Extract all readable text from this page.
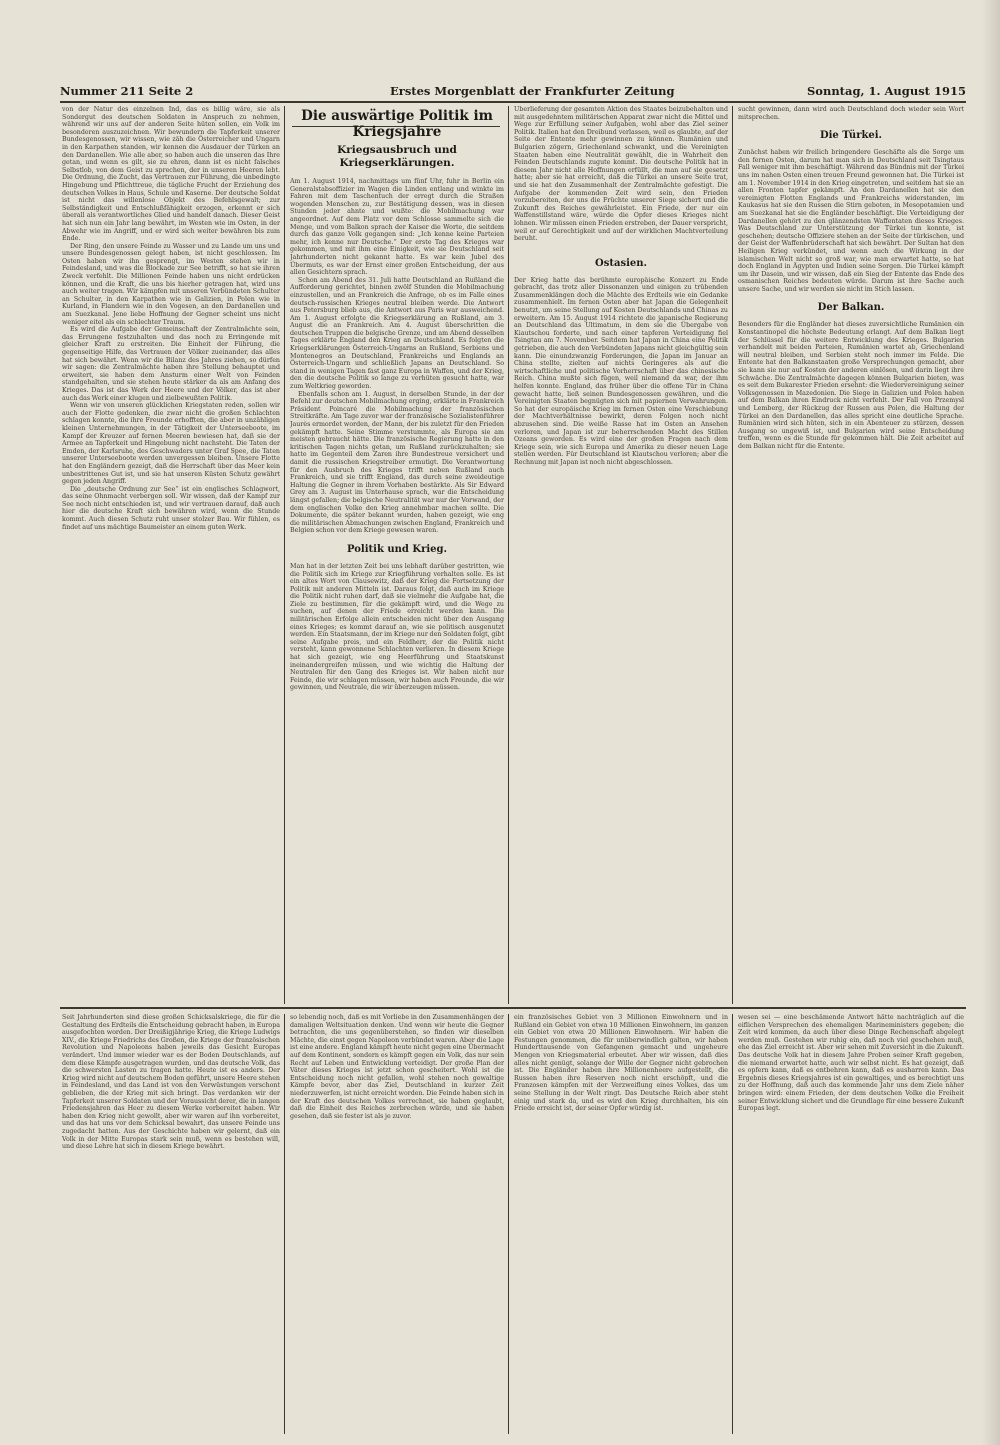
Nummer 211 Seite 2	Erstes Morgenblatt der Frankfurter Zeitung	Sonntag, 1. August 1915

von der Natur des einzelnen Ind, das es billig wäre, sie als Sondergut des deutschen Soldaten in Anspruch zu nehmen, während wir uns auf der anderen Seite hüten sollen, ein Volk im besonderen auszuzeichnen. Wir bewundern die Tapferkeit unserer Bundesgenossen, wir wissen, wie zäh die Österreicher und Ungarn in den Karpathen standen, wir kennen die Ausdauer der Türken an den Dardanellen. Wie alle aber, so haben auch die unseren das Ihre getan, und wenn es gilt, sie zu ehren, dann ist es nicht falsches Selbstlob, von dem Geist zu sprechen, der in unseren Heeren lebt. Die Ordnung, die Zucht, das Vertrauen zur Führung, die unbedingte Hingebung und Pflichttreue, die tägliche Frucht der Erziehung des deutschen Volkes in Haus, Schule und Kaserne. Der deutsche Soldat ist nicht das willenlose Objekt des Befehlsgewalt; zur Selbständigkeit und Entschlußfähigkeit erzogen, erkennt er sich überall als verantwortliches Glied und handelt danach. Dieser Geist hat sich nun ein Jahr lang bewährt, im Westen wie im Osten, in der Abwehr wie im Angriff, und er wird sich weiter bewähren bis zum Ende.

Der Ring, den unsere Feinde zu Wasser und zu Lande um uns und unsere Bundesgenossen gelegt haben, ist nicht geschlossen. Im Osten haben wir ihn gesprengt, im Westen stehen wir in Feindesland, und was die Blockade zur See betrifft, so hat sie ihren Zweck verfehlt. Die Millionen Feinde haben uns nicht erdrücken können, und die Kraft, die uns bis hierher getragen hat, wird uns auch weiter tragen. Wir kämpfen mit unseren Verbündeten Schulter an Schulter, in den Karpathen wie in Galizien, in Polen wie in Kurland, in Flandern wie in den Vogesen, an den Dardanellen und am Suezkanal. Jene liebe Hoffnung der Gegner scheint uns nicht weniger eitel als ein schlechter Traum.

Es wird die Aufgabe der Gemeinschaft der Zentralmächte sein, das Errungene festzuhalten und das noch zu Erringende mit gleicher Kraft zu erstreiten. Die Einheit der Führung, die gegenseitige Hilfe, das Vertrauen der Völker zueinander, das alles hat sich bewährt. Wenn wir die Bilanz des Jahres ziehen, so dürfen wir sagen: die Zentralmächte haben ihre Stellung behauptet und erweitert, sie haben dem Ansturm einer Welt von Feinden standgehalten, und sie stehen heute stärker da als am Anfang des Krieges. Das ist das Werk der Heere und der Völker, das ist aber auch das Werk einer klugen und zielbewußten Politik.

Wenn wir von unseren glücklichen Kriegstaten reden, sollen wir auch der Flotte gedenken, die zwar nicht die großen Schlachten schlagen konnte, die ihre Freunde erhofften, die aber in unzähligen kleinen Unternehmungen, in der Tätigkeit der Unterseeboote, im Kampf der Kreuzer auf fernen Meeren bewiesen hat, daß sie der Armee an Tapferkeit und Hingebung nicht nachsteht. Die Taten der Emden, der Karlsruhe, des Geschwaders unter Graf Spee, die Taten unserer Unterseeboote werden unvergessen bleiben. Unsere Flotte hat den Engländern gezeigt, daß die Herrschaft über das Meer kein unbestrittenes Gut ist, und sie hat unseren Küsten Schutz gewährt gegen jeden Angriff.

Die „deutsche Ordnung zur See“ ist ein englisches Schlagwort, das seine Ohnmacht verbergen soll. Wir wissen, daß der Kampf zur See noch nicht entschieden ist, und wir vertrauen darauf, daß auch hier die deutsche Kraft sich bewähren wird, wenn die Stunde kommt. Auch diesen Schutz ruht unser stolzer Bau. Wir fühlen, es findet auf uns mächtige Baumeister an einem guten Werk.

Die auswärtige Politik im Kriegsjahre
Kriegsausbruch und Kriegserklärungen.

Am 1. August 1914, nachmittags um fünf Uhr, fuhr in Berlin ein Generalstabsoffizier im Wagen die Linden entlang und winkte im Fahren mit dem Taschentuch der erregt durch die Straßen wogenden Menschen zu, zur Bestätigung dessen, was in diesen Stunden jeder ahnte und wußte: die Mobilmachung war angeordnet. Auf dem Platz vor dem Schlosse sammelte sich die Menge, und vom Balkon sprach der Kaiser die Worte, die seitdem durch das ganze Volk gegangen sind: „Ich kenne keine Parteien mehr, ich kenne nur Deutsche.“ Der erste Tag des Krieges war gekommen, und mit ihm eine Einigkeit, wie sie Deutschland seit Jahrhunderten nicht gekannt hatte. Es war kein Jubel des Übermuts, es war der Ernst einer großen Entscheidung, der aus allen Gesichtern sprach.

Schon am Abend des 31. Juli hatte Deutschland an Rußland die Aufforderung gerichtet, binnen zwölf Stunden die Mobilmachung einzustellen, und an Frankreich die Anfrage, ob es im Falle eines deutsch-russischen Krieges neutral bleiben werde. Die Antwort aus Petersburg blieb aus, die Antwort aus Paris war ausweichend. Am 1. August erfolgte die Kriegserklärung an Rußland, am 3. August die an Frankreich. Am 4. August überschritten die deutschen Truppen die belgische Grenze, und am Abend desselben Tages erklärte England den Krieg an Deutschland. Es folgten die Kriegserklärungen Österreich-Ungarns an Rußland, Serbiens und Montenegros an Deutschland, Frankreichs und Englands an Österreich-Ungarn und schließlich Japans an Deutschland. So stand in wenigen Tagen fast ganz Europa in Waffen, und der Krieg, den die deutsche Politik so lange zu verhüten gesucht hatte, war zum Weltkrieg geworden.

Ebenfalls schon am 1. August, in derselben Stunde, in der der Befehl zur deutschen Mobilmachung erging, erklärte in Frankreich Präsident Poincaré die Mobilmachung der französischen Streitkräfte. Am Tage zuvor war der französische Sozialistenführer Jaurès ermordet worden, der Mann, der bis zuletzt für den Frieden gekämpft hatte. Seine Stimme verstummte, als Europa sie am meisten gebraucht hätte. Die französische Regierung hatte in den kritischen Tagen nichts getan, um Rußland zurückzuhalten; sie hatte im Gegenteil dem Zaren ihre Bundestreue versichert und damit die russischen Kriegstreiber ermutigt. Die Verantwortung für den Ausbruch des Krieges trifft neben Rußland auch Frankreich, und sie trifft England, das durch seine zweideutige Haltung die Gegner in ihrem Vorhaben bestärkte. Als Sir Edward Grey am 3. August im Unterhause sprach, war die Entscheidung längst gefallen; die belgische Neutralität war nur der Vorwand, der dem englischen Volke den Krieg annehmbar machen sollte. Die Dokumente, die später bekannt wurden, haben gezeigt, wie eng die militärischen Abmachungen zwischen England, Frankreich und Belgien schon vor dem Kriege gewesen waren.

Politik und Krieg.

Man hat in der letzten Zeit bei uns lebhaft darüber gestritten, wie die Politik sich im Kriege zur Kriegführung verhalten solle. Es ist ein altes Wort von Clausewitz, daß der Krieg die Fortsetzung der Politik mit anderen Mitteln ist. Daraus folgt, daß auch im Kriege die Politik nicht ruhen darf, daß sie vielmehr die Aufgabe hat, die Ziele zu bestimmen, für die gekämpft wird, und die Wege zu suchen, auf denen der Friede erreicht werden kann. Die militärischen Erfolge allein entscheiden nicht über den Ausgang eines Krieges; es kommt darauf an, wie sie politisch ausgenutzt werden. Ein Staatsmann, der im Kriege nur den Soldaten folgt, gibt seine Aufgabe preis, und ein Feldherr, der die Politik nicht versteht, kann gewonnene Schlachten verlieren. In diesem Kriege hat sich gezeigt, wie eng Heerführung und Staatskunst ineinandergreifen müssen, und wie wichtig die Haltung der Neutralen für den Gang des Krieges ist. Wir haben nicht nur Feinde, die wir schlagen müssen, wir haben auch Freunde, die wir gewinnen, und Neutrale, die wir überzeugen müssen.

Überlieferung der gesamten Aktion des Staates beizubehalten und mit ausgedehntem militärischen Apparat zwar nicht die Mittel und Wege zur Erfüllung seiner Aufgaben, wohl aber das Ziel seiner Politik. Italien hat den Dreibund verlassen, weil es glaubte, auf der Seite der Entente mehr gewinnen zu können. Rumänien und Bulgarien zögern, Griechenland schwankt, und die Vereinigten Staaten haben eine Neutralität gewählt, die in Wahrheit den Feinden Deutschlands zugute kommt. Die deutsche Politik hat in diesem Jahr nicht alle Hoffnungen erfüllt, die man auf sie gesetzt hatte; aber sie hat erreicht, daß die Türkei an unsere Seite trat, und sie hat den Zusammenhalt der Zentralmächte gefestigt. Die Aufgabe der kommenden Zeit wird sein, den Frieden vorzubereiten, der uns die Früchte unserer Siege sichert und die Zukunft des Reiches gewährleistet. Ein Friede, der nur ein Waffenstillstand wäre, würde die Opfer dieses Krieges nicht lohnen. Wir müssen einen Frieden erstreben, der Dauer verspricht, weil er auf Gerechtigkeit und auf der wirklichen Machtverteilung beruht.

Ostasien.

Der Krieg hatte das berühmte europäische Konzert zu Ende gebracht, das trotz aller Dissonanzen und einigen zu trübenden Zusammenklängen doch die Mächte des Erdteils wie ein Gedanke zusammenhielt. Im fernen Osten aber hat Japan die Gelegenheit benutzt, um seine Stellung auf Kosten Deutschlands und Chinas zu erweitern. Am 15. August 1914 richtete die japanische Regierung an Deutschland das Ultimatum, in dem sie die Übergabe von Kiautschou forderte, und nach einer tapferen Verteidigung fiel Tsingtau am 7. November. Seitdem hat Japan in China eine Politik getrieben, die auch den Verbündeten Japans nicht gleichgültig sein kann. Die einundzwanzig Forderungen, die Japan im Januar an China stellte, zielten auf nichts Geringeres als auf die wirtschaftliche und politische Vorherrschaft über das chinesische Reich. China mußte sich fügen, weil niemand da war, der ihm helfen konnte. England, das früher über die offene Tür in China gewacht hatte, ließ seinen Bundesgenossen gewähren, und die Vereinigten Staaten begnügten sich mit papiernen Verwahrungen. So hat der europäische Krieg im fernen Osten eine Verschiebung der Machtverhältnisse bewirkt, deren Folgen noch nicht abzusehen sind. Die weiße Rasse hat im Osten an Ansehen verloren, und Japan ist zur beherrschenden Macht des Stillen Ozeans geworden. Es wird eine der großen Fragen nach dem Kriege sein, wie sich Europa und Amerika zu dieser neuen Lage stellen werden. Für Deutschland ist Kiautschou verloren; aber die Rechnung mit Japan ist noch nicht abgeschlossen.

sucht gewinnen, dann wird auch Deutschland doch wieder sein Wort mitsprechen.

Die Türkei.

Zunächst haben wir freilich bringendere Geschäfte als die Sorge um den fernen Osten, darum hat man sich in Deutschland seit Tsingtaus Fall weniger mit ihm beschäftigt. Während das Bündnis mit der Türkei uns im nahen Osten einen treuen Freund gewonnen hat. Die Türkei ist am 1. November 1914 in den Krieg eingetreten, und seitdem hat sie an allen Fronten tapfer gekämpft. An den Dardanellen hat sie den vereinigten Flotten Englands und Frankreichs widerstanden, im Kaukasus hat sie den Russen die Stirn geboten, in Mesopotamien und am Suezkanal hat sie die Engländer beschäftigt. Die Verteidigung der Dardanellen gehört zu den glänzendsten Waffentaten dieses Krieges. Was Deutschland zur Unterstützung der Türkei tun konnte, ist geschehen; deutsche Offiziere stehen an der Seite der türkischen, und der Geist der Waffenbrüderschaft hat sich bewährt. Der Sultan hat den Heiligen Krieg verkündet, und wenn auch die Wirkung in der islamischen Welt nicht so groß war, wie man erwartet hatte, so hat doch England in Ägypten und Indien seine Sorgen. Die Türkei kämpft um ihr Dasein, und wir wissen, daß ein Sieg der Entente das Ende des osmanischen Reiches bedeuten würde. Darum ist ihre Sache auch unsere Sache, und wir werden sie nicht im Stich lassen.

Der Balkan.

Besonders für die Engländer hat dieses zuversichtliche Rumänien ein Konstantinopel die höchste Bedeutung erlangt. Auf dem Balkan liegt der Schlüssel für die weitere Entwicklung des Krieges. Bulgarien verhandelt mit beiden Parteien, Rumänien wartet ab, Griechenland will neutral bleiben, und Serbien steht noch immer im Felde. Die Entente hat den Balkanstaaten große Versprechungen gemacht, aber sie kann sie nur auf Kosten der anderen einlösen, und darin liegt ihre Schwäche. Die Zentralmächte dagegen können Bulgarien bieten, was es seit dem Bukarester Frieden ersehnt: die Wiedervereinigung seiner Volksgenossen in Mazedonien. Die Siege in Galizien und Polen haben auf dem Balkan ihren Eindruck nicht verfehlt. Der Fall von Przemysl und Lemberg, der Rückzug der Russen aus Polen, die Haltung der Türkei an den Dardanellen, das alles spricht eine deutliche Sprache. Rumänien wird sich hüten, sich in ein Abenteuer zu stürzen, dessen Ausgang so ungewiß ist, und Bulgarien wird seine Entscheidung treffen, wenn es die Stunde für gekommen hält. Die Zeit arbeitet auf dem Balkan nicht für die Entente.

Seit Jahrhunderten sind diese großen Schicksalskriege, die für die Gestaltung des Erdteils die Entscheidung gebracht haben, in Europa ausgefochten worden. Der Dreißigjährige Krieg, die Kriege Ludwigs XIV., die Kriege Friedrichs des Großen, die Kriege der französischen Revolution und Napoleons haben jeweils das Gesicht Europas verändert. Und immer wieder war es der Boden Deutschlands, auf dem diese Kämpfe ausgetragen wurden, und das deutsche Volk, das die schwersten Lasten zu tragen hatte. Heute ist es anders. Der Krieg wird nicht auf deutschem Boden geführt, unsere Heere stehen in Feindesland, und das Land ist von den Verwüstungen verschont geblieben, die der Krieg mit sich bringt. Das verdanken wir der Tapferkeit unserer Soldaten und der Voraussicht derer, die in langen Friedensjahren das Heer zu diesem Werke vorbereitet haben. Wir haben den Krieg nicht gewollt, aber wir waren auf ihn vorbereitet, und das hat uns vor dem Schicksal bewahrt, das unsere Feinde uns zugedacht hatten. Aus der Geschichte haben wir gelernt, daß ein Volk in der Mitte Europas stark sein muß, wenn es bestehen will, und diese Lehre hat sich in diesem Kriege bewährt.

so lebendig noch, daß es mit Vorliebe in den Zusammenhängen der damaligen Weltsituation denken. Und wenn wir heute die Gegner betrachten, die uns gegenüberstehen, so finden wir dieselben Mächte, die einst gegen Napoleon verbündet waren. Aber die Lage ist eine andere. England kämpft heute nicht gegen eine Übermacht auf dem Kontinent, sondern es kämpft gegen ein Volk, das nur sein Recht auf Leben und Entwicklung verteidigt. Der große Plan der Väter dieses Krieges ist jetzt schon gescheitert. Wohl ist die Entscheidung noch nicht gefallen, wohl stehen noch gewaltige Kämpfe bevor, aber das Ziel, Deutschland in kurzer Zeit niederzuwerfen, ist nicht erreicht worden. Die Feinde haben sich in der Kraft des deutschen Volkes verrechnet, sie haben geglaubt, daß die Einheit des Reiches zerbrechen würde, und sie haben gesehen, daß sie fester ist als je zuvor.

ein französisches Gebiet von 3 Millionen Einwohnern und in Rußland ein Gebiet von etwa 10 Millionen Einwohnern, im ganzen ein Gebiet von etwa 20 Millionen Einwohnern. Wir haben die Festungen genommen, die für unüberwindlich galten, wir haben Hunderttausende von Gefangenen gemacht und ungeheure Mengen von Kriegsmaterial erbeutet. Aber wir wissen, daß dies alles nicht genügt, solange der Wille der Gegner nicht gebrochen ist. Die Engländer haben ihre Millionenheere aufgestellt, die Russen haben ihre Reserven noch nicht erschöpft, und die Franzosen kämpfen mit der Verzweiflung eines Volkes, das um seine Stellung in der Welt ringt. Das Deutsche Reich aber steht einig und stark da, und es wird den Krieg durchhalten, bis ein Friede erreicht ist, der seiner Opfer würdig ist.

wesen sei — eine beschämende Antwort hätte nachträglich auf die eiflichen Versprechen des ehemaligen Marineministers gegeben; die Zeit wird kommen, da auch über diese Dinge Rechenschaft abgelegt werden muß. Gestehen wir ruhig ein, daß noch viel geschehen muß, ehe das Ziel erreicht ist. Aber wir sehen mit Zuversicht in die Zukunft. Das deutsche Volk hat in diesem Jahre Proben seiner Kraft gegeben, die niemand erwartet hatte, auch wir selbst nicht. Es hat gezeigt, daß es opfern kann, daß es entbehren kann, daß es ausharren kann. Das Ergebnis dieses Kriegsjahres ist ein gewaltiges, und es berechtigt uns zu der Hoffnung, daß auch das kommende Jahr uns dem Ziele näher bringen wird: einem Frieden, der dem deutschen Volke die Freiheit seiner Entwicklung sichert und die Grundlage für eine bessere Zukunft Europas legt.
